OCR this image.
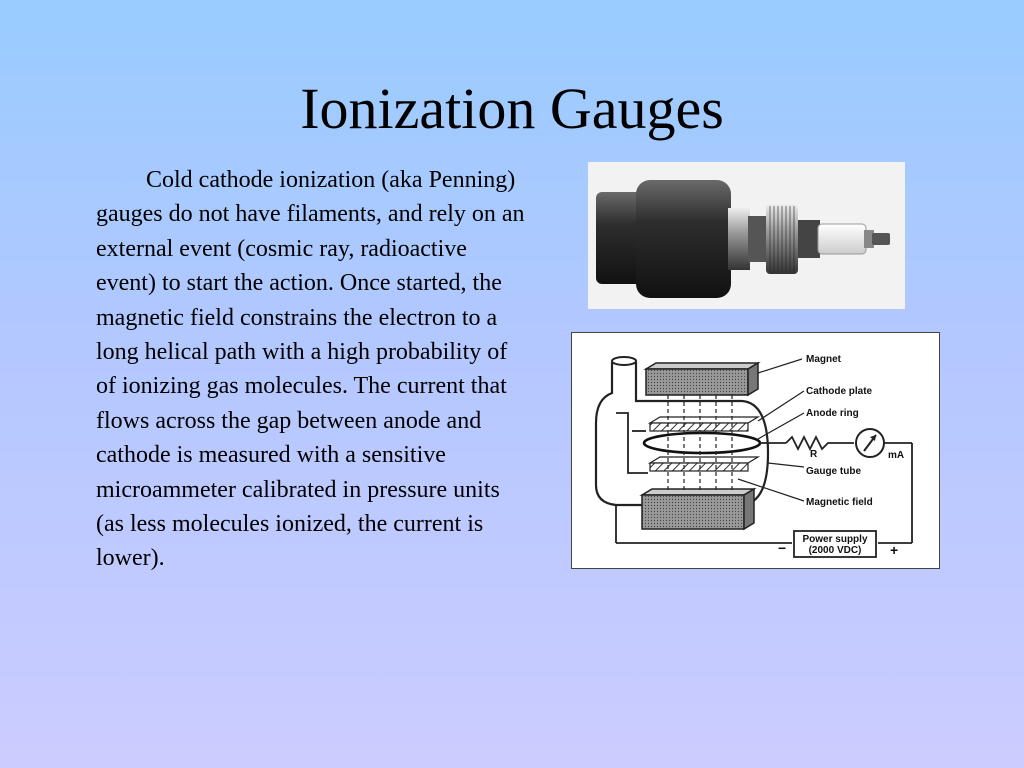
Ionization Gauges

Cold cathode ionization (aka Penning) gauges do not have filaments, and rely on an external event (cosmic ray, radioactive event) to start the action. Once started, the magnetic field constrains the electron to a long helical path with a high probability of of ionizing gas molecules. The current that flows across the gap between anode and cathode is measured with a sensitive microammeter calibrated in pressure units (as less molecules ionized, the current is lower).

Power supply
(2000 VDC)
−	+
Magnet
Cathode plate
Anode ring
R	mA
Gauge tube
Magnetic field
